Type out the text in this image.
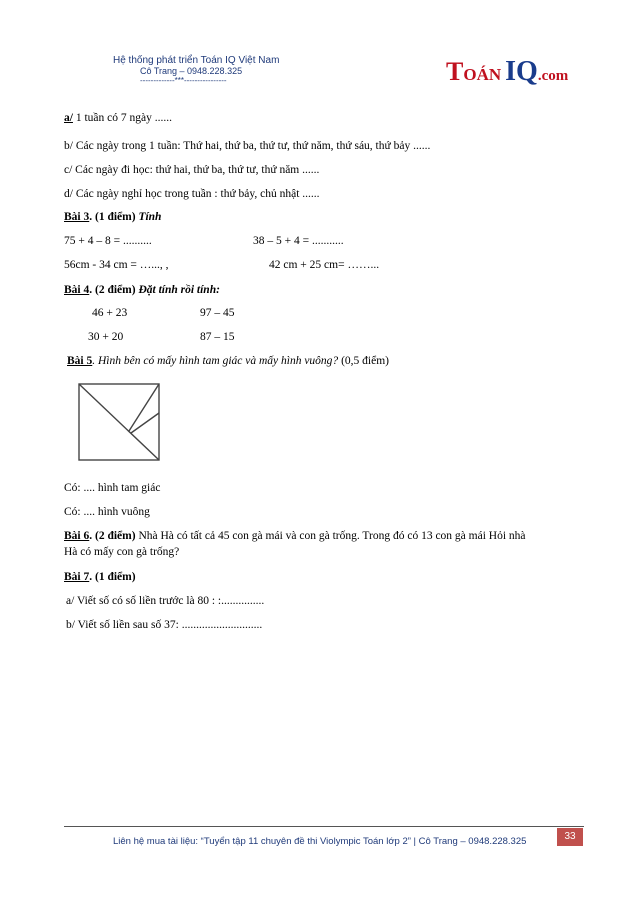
Hệ thống phát triển Toán IQ Việt Nam
Cô Trang – 0948.228.325
-------------***----------------	TOÁN IQ.com
a/ 1 tuần có 7 ngày ......
b/ Các ngày trong 1 tuần: Thứ hai, thứ ba, thứ tư, thứ năm, thứ sáu, thứ bảy ......
c/ Các ngày đi học: thứ hai, thứ ba, thứ tư, thứ năm ......
d/ Các ngày nghỉ học trong tuần : thứ bảy, chủ nhật ......
Bài 3. (1 điểm) Tính
75 + 4 – 8 = ..........	38 – 5 + 4 = ...........
56cm - 34 cm = …..., ,	42 cm + 25 cm= ……...
Bài 4. (2 điểm) Đặt tính rồi tính:
46 + 23	97 – 45
30 + 20	87 – 15
Bài 5. Hình bên có mấy hình tam giác và mấy hình vuông? (0,5 điểm)
Có: .... hình tam giác
Có: .... hình vuông
Bài 6. (2 điểm) Nhà Hà có tất cả 45 con gà mái và con gà trống. Trong đó có 13 con gà mái Hỏi nhà
Hà có mấy con gà trống?
Bài 7. (1 điểm)
a/ Viết số có số liền trước là 80 : :...............
b/ Viết số liền sau số 37: ............................
Liên hệ mua tài liệu: “Tuyển tập 11 chuyên đề thi Violympic Toán lớp 2” | Cô Trang – 0948.228.325	33
